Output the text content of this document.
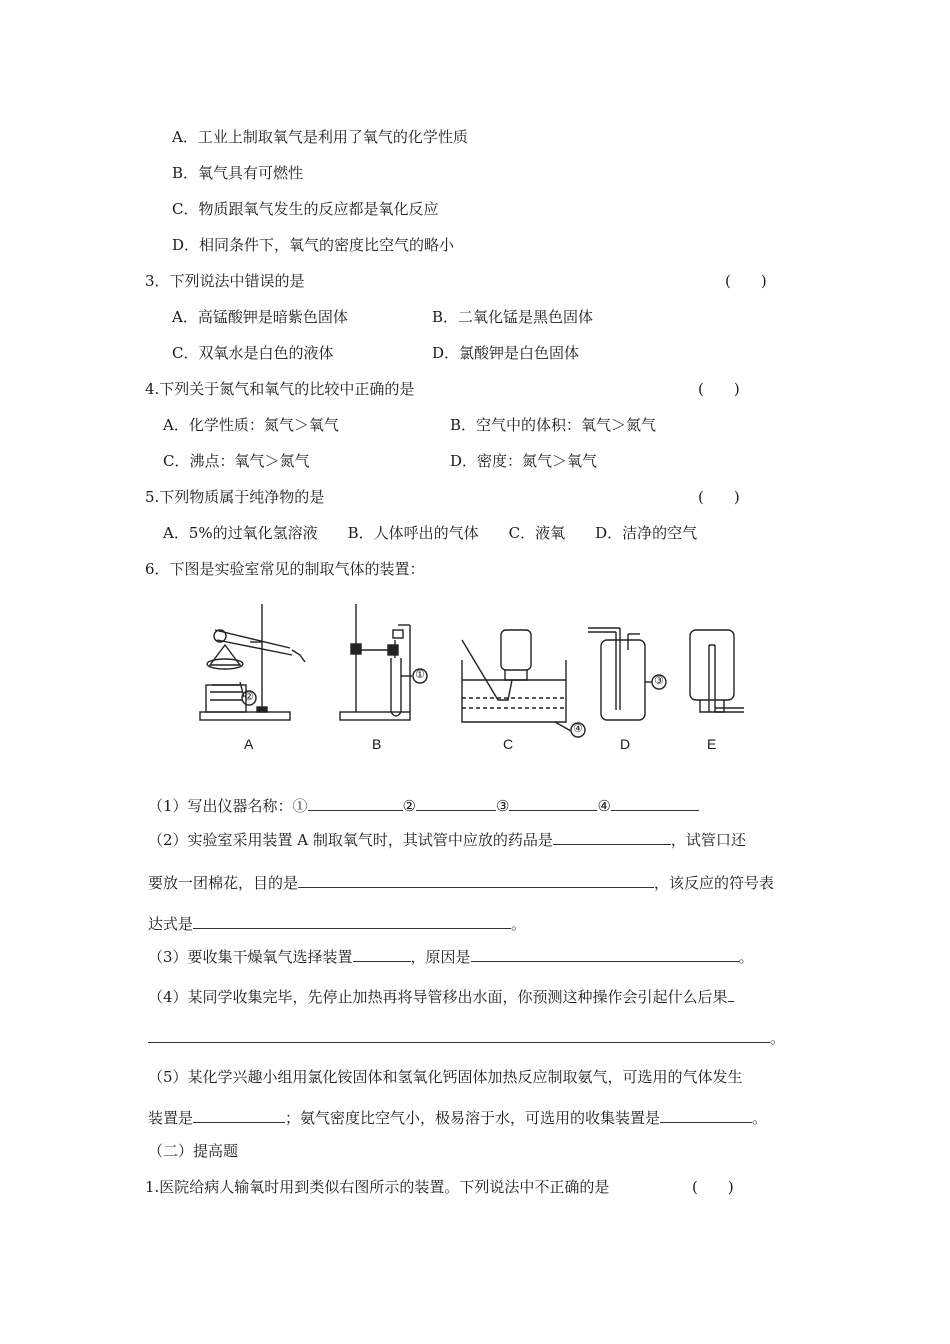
A．工业上制取氧气是利用了氧气的化学性质
B．氧气具有可燃性
C．物质跟氧气发生的反应都是氧化反应
D．相同条件下，氧气的密度比空气的略小
3．下列说法中错误的是	(　　)
A．高锰酸钾是暗紫色固体	B．二氧化锰是黑色固体
C．双氧水是白色的液体	D．氯酸钾是白色固体
4.下列关于氮气和氧气的比较中正确的是	(　　)
A．化学性质：氮气＞氧气	B．空气中的体积：氧气＞氮气
C．沸点：氧气＞氮气	D．密度：氮气＞氧气
5.下列物质属于纯净物的是	(　　)
A．5%的过氧化氢溶液　　B．人体呼出的气体　　C．液氧　　D．洁净的空气
6．下图是实验室常见的制取气体的装置：
②
①
④
③
A	B	C	D	E
（1）写出仪器名称：①	②	③	④
（2）实验室采用装置 A 制取氧气时，其试管中应放的药品是	，试管口还
要放一团棉花，目的是	，该反应的符号表
达式是	。
（3）要收集干燥氧气选择装置	，原因是	。
（4）某同学收集完毕，先停止加热再将导管移出水面，你预测这种操作会引起什么后果
。
（5）某化学兴趣小组用氯化铵固体和氢氧化钙固体加热反应制取氨气，可选用的气体发生
装置是	；氨气密度比空气小，极易溶于水，可选用的收集装置是	。
（二）提高题
1.医院给病人输氧时用到类似右图所示的装置。下列说法中不正确的是	(　　)
